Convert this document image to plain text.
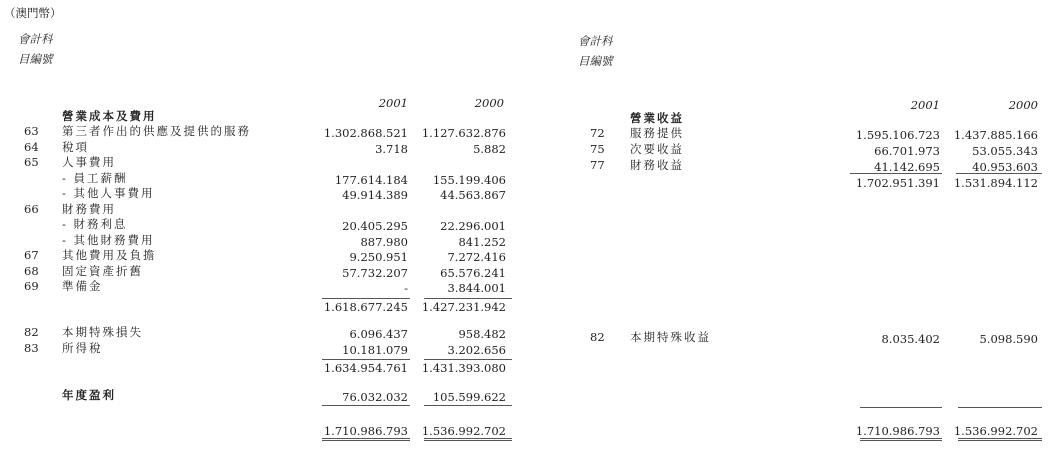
（澳門幣）
會計科
目編號
2001	2000
營業成本及費用
63 第三者作出的供應及提供的服務	1.302.868.521	1.127.632.876
64 稅項	3.718	5.882
65 人事費用
- 員工薪酬	177.614.184	155.199.406
- 其他人事費用	49.914.389	44.563.867
66 財務費用
- 財務利息	20.405.295	22.296.001
- 其他財務費用	887.980	841.252
67 其他費用及負擔	9.250.951	7.272.416
68 固定資產折舊	57.732.207	65.576.241
69 準備金	-	3.844.001
1.618.677.245	1.427.231.942
82 本期特殊損失	6.096.437	958.482
83 所得稅	10.181.079	3.202.656
1.634.954.761	1.431.393.080
年度盈利	76.032.032	105.599.622
1.710.986.793	1.536.992.702
會計科
目編號
2001	2000
營業收益
72 服務提供	1.595.106.723	1.437.885.166
75 次要收益	66.701.973	53.055.343
77 財務收益	41.142.695	40.953.603
1.702.951.391	1.531.894.112
82 本期特殊收益	8.035.402	5.098.590
1.710.986.793	1.536.992.702
